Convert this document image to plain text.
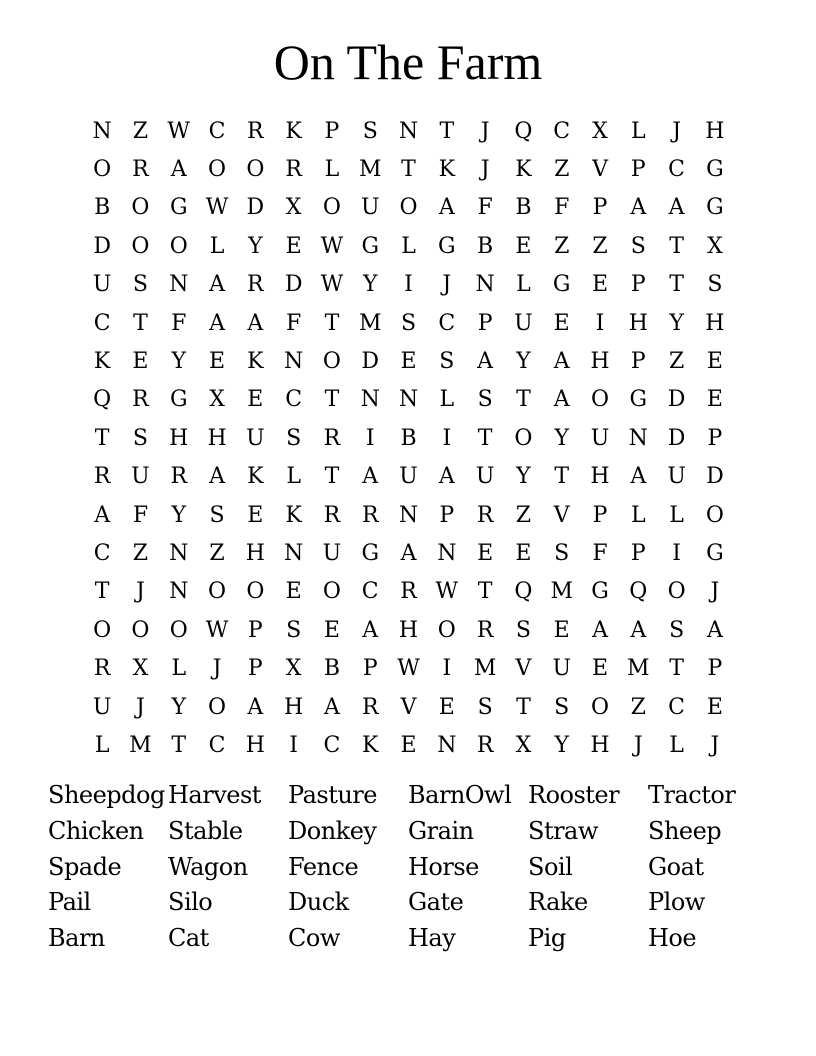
On The Farm
N Z W C R K	P	S N T	J	Q C	X	L	J	H
O R	A O O R	L M T	K	J	K	Z	V	P	C G
B O G W D X O U O A	F	B	F	P	A	A G
D O O L	Y	E W G	L	G B	E	Z	Z	S	T	X
U S N A	R D W Y	I	J	N L	G E	P	T	S
C	T	F	A	A	F	T M S	C	P U E	I	H Y H
K	E	Y	E	K N O D E	S	A	Y	A H P	Z	E
Q R G X	E C	T N N L	S	T	A O G D E
T	S H H U S	R	I	B	I	T O	Y U N D	P
R U R	A	K	L	T	A U A U Y	T H A U D
A	F	Y	S	E	K R R N P	R	Z	V	P	L	L O
C	Z N Z H N U G A N E	E	S	F	P	I	G
T	J	N O O E O C R W T Q M G Q O	J
O O O W P	S	E	A H O R	S	E	A	A	S	A
R	X	L	J	P	X	B	P W	I	M V U E M T	P
U	J	Y	O A H A	R	V	E	S	T	S O Z	C E
L M T	C H	I	C K	E N R	X	Y H	J	L	J
Sheepdog Harvest	Pasture	BarnOwl Rooster	Tractor
Chicken	Stable	Donkey	Grain	Straw	Sheep
Spade	Wagon	Fence	Horse	Soil	Goat
Pail	Silo	Duck	Gate	Rake	Plow
Barn	Cat	Cow	Hay	Pig	Hoe
